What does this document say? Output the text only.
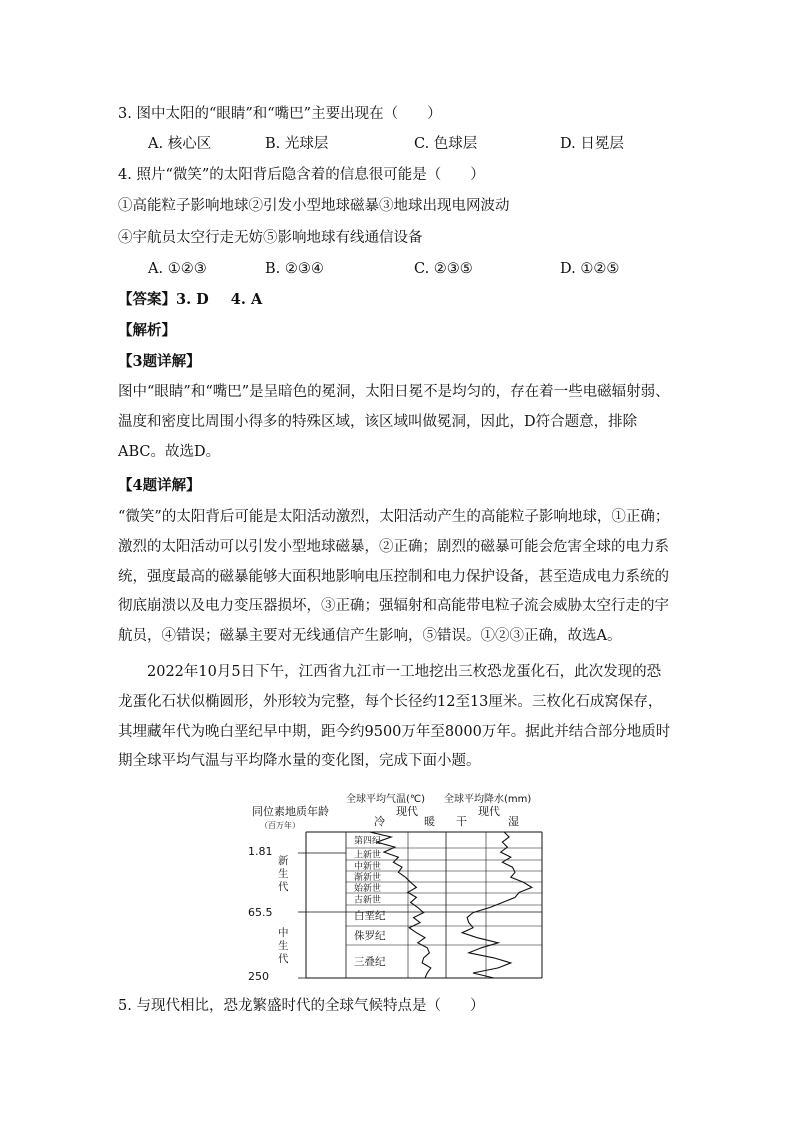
3. 图中太阳的“眼睛”和“嘴巴”主要出现在（　　）
A. 核心区	B. 光球层	C. 色球层	D. 日冕层
4. 照片“微笑”的太阳背后隐含着的信息很可能是（　　）
①高能粒子影响地球②引发小型地球磁暴③地球出现电网波动
④宇航员太空行走无妨⑤影响地球有线通信设备
A. ①②③	B. ②③④	C. ②③⑤	D. ①②⑤
【答案】3. D 4. A
【解析】
【3题详解】
图中“眼睛”和“嘴巴”是呈暗色的冕洞，太阳日冕不是均匀的，存在着一些电磁辐射弱、温度和密度比周围小得多的特殊区域，该区域叫做冕洞，因此，D符合题意，排除ABC。故选D。
【4题详解】
“微笑”的太阳背后可能是太阳活动激烈，太阳活动产生的高能粒子影响地球，①正确；激烈的太阳活动可以引发小型地球磁暴，②正确；剧烈的磁暴可能会危害全球的电力系统，强度最高的磁暴能够大面积地影响电压控制和电力保护设备，甚至造成电力系统的彻底崩溃以及电力变压器损坏，③正确；强辐射和高能带电粒子流会威胁太空行走的宇航员，④错误；磁暴主要对无线通信产生影响，⑤错误。①②③正确，故选A。
2022年10月5日下午，江西省九江市一工地挖出三枚恐龙蛋化石，此次发现的恐龙蛋化石状似椭圆形，外形较为完整，每个长径约12至13厘米。三枚化石成窝保存，其埋藏年代为晚白垩纪早中期，距今约9500万年至8000万年。据此并结合部分地质时期全球平均气温与平均降水量的变化图，完成下面小题。
同位素地质年龄
（百万年）
全球平均气温(℃) 全球平均降水(mm)
冷
现代
暖 干
现代
湿
第四纪
上新世
中新世
渐新世
始新世
古新世
白垩纪
侏罗纪
三叠纪
1.81
65.5
250
新 生 代
中 生 代
5. 与现代相比，恐龙繁盛时代的全球气候特点是（　　）
